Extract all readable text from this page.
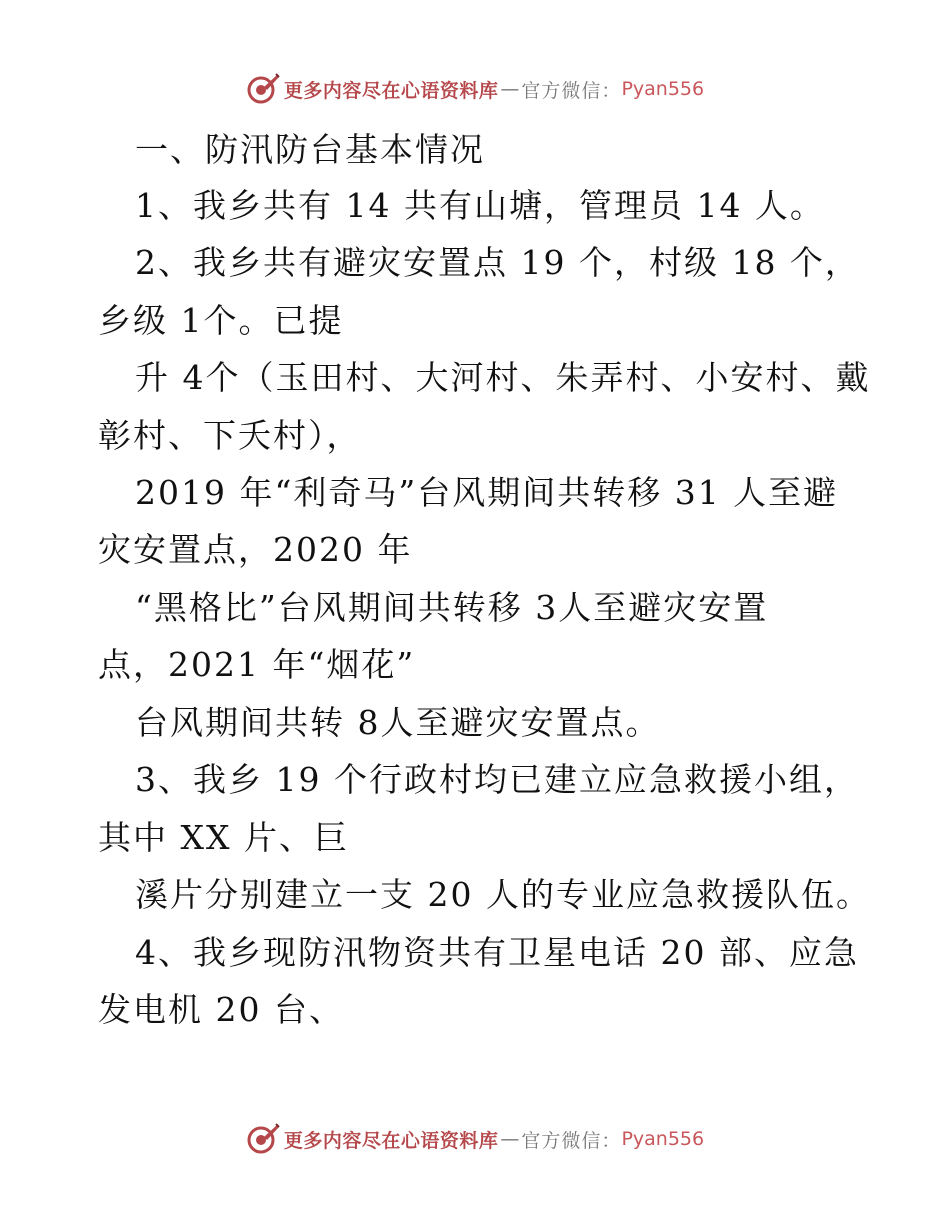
更多内容尽在心语资料库 — 官方微信： Pyan556
一、防汛防台基本情况
1、我乡共有 14 共有山塘，管理员 14 人。
2、我乡共有避灾安置点 19 个，村级 18 个，
乡级 1个。已提
升 4个（玉田村、大河村、朱弄村、小安村、戴
彰村、下夭村），
2019 年“利奇马”台风期间共转移 31 人至避
灾安置点，2020 年
“黑格比”台风期间共转移 3人至避灾安置
点，2021 年“烟花”
台风期间共转 8人至避灾安置点。
3、我乡 19 个行政村均已建立应急救援小组，
其中 XX 片、巨
溪片分别建立一支 20 人的专业应急救援队伍。
4、我乡现防汛物资共有卫星电话 20 部、应急
发电机 20 台、
更多内容尽在心语资料库 — 官方微信： Pyan556
